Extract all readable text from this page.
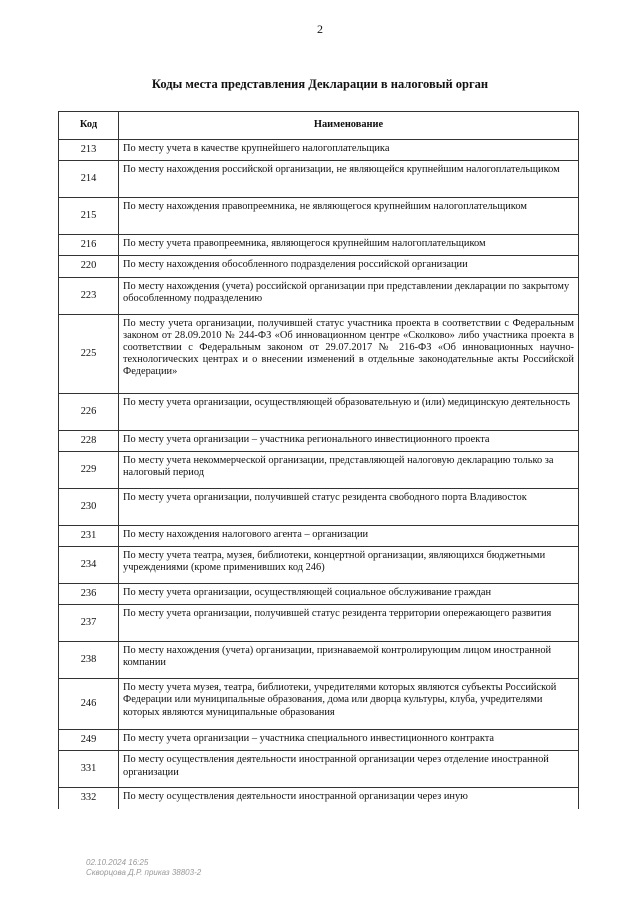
2
Коды места представления Декларации в налоговый орган
Код	Наименование
213	По месту учета в качестве крупнейшего налогоплательщика
214	По месту нахождения российской организации, не являющейся крупнейшим налогоплательщиком
215	По месту нахождения правопреемника, не являющегося крупнейшим налогоплательщиком
216	По месту учета правопреемника, являющегося крупнейшим налогоплательщиком
220	По месту нахождения обособленного подразделения российской организации
223	По месту нахождения (учета) российской организации при представлении декларации по закрытому обособленному подразделению
225	По месту учета организации, получившей статус участника проекта в соответствии с Федеральным законом от 28.09.2010 № 244-ФЗ «Об инновационном центре «Сколково» либо участника проекта в соответствии с Федеральным законом от 29.07.2017 № 216-ФЗ «Об инновационных научно-технологических центрах и о внесении изменений в отдельные законодательные акты Российской Федерации»
226	По месту учета организации, осуществляющей образовательную и (или) медицинскую деятельность
228	По месту учета организации – участника регионального инвестиционного проекта
229	По месту учета некоммерческой организации, представляющей налоговую декларацию только за налоговый период
230	По месту учета организации, получившей статус резидента свободного порта Владивосток
231	По месту нахождения налогового агента – организации
234	По месту учета театра, музея, библиотеки, концертной организации, являющихся бюджетными учреждениями (кроме применивших код 246)
236	По месту учета организации, осуществляющей социальное обслуживание граждан
237	По месту учета организации, получившей статус резидента территории опережающего развития
238	По месту нахождения (учета) организации, признаваемой контролирующим лицом иностранной компании
246	По месту учета музея, театра, библиотеки, учредителями которых являются субъекты Российской Федерации или муниципальные образования, дома или дворца культуры, клуба, учредителями которых являются муниципальные образования
249	По месту учета организации – участника специального инвестиционного контракта
331	По месту осуществления деятельности иностранной организации через отделение иностранной организации
332	По месту осуществления деятельности иностранной организации через иную
02.10.2024 16:25
Скворцова Д.Р. приказ 38803-2
